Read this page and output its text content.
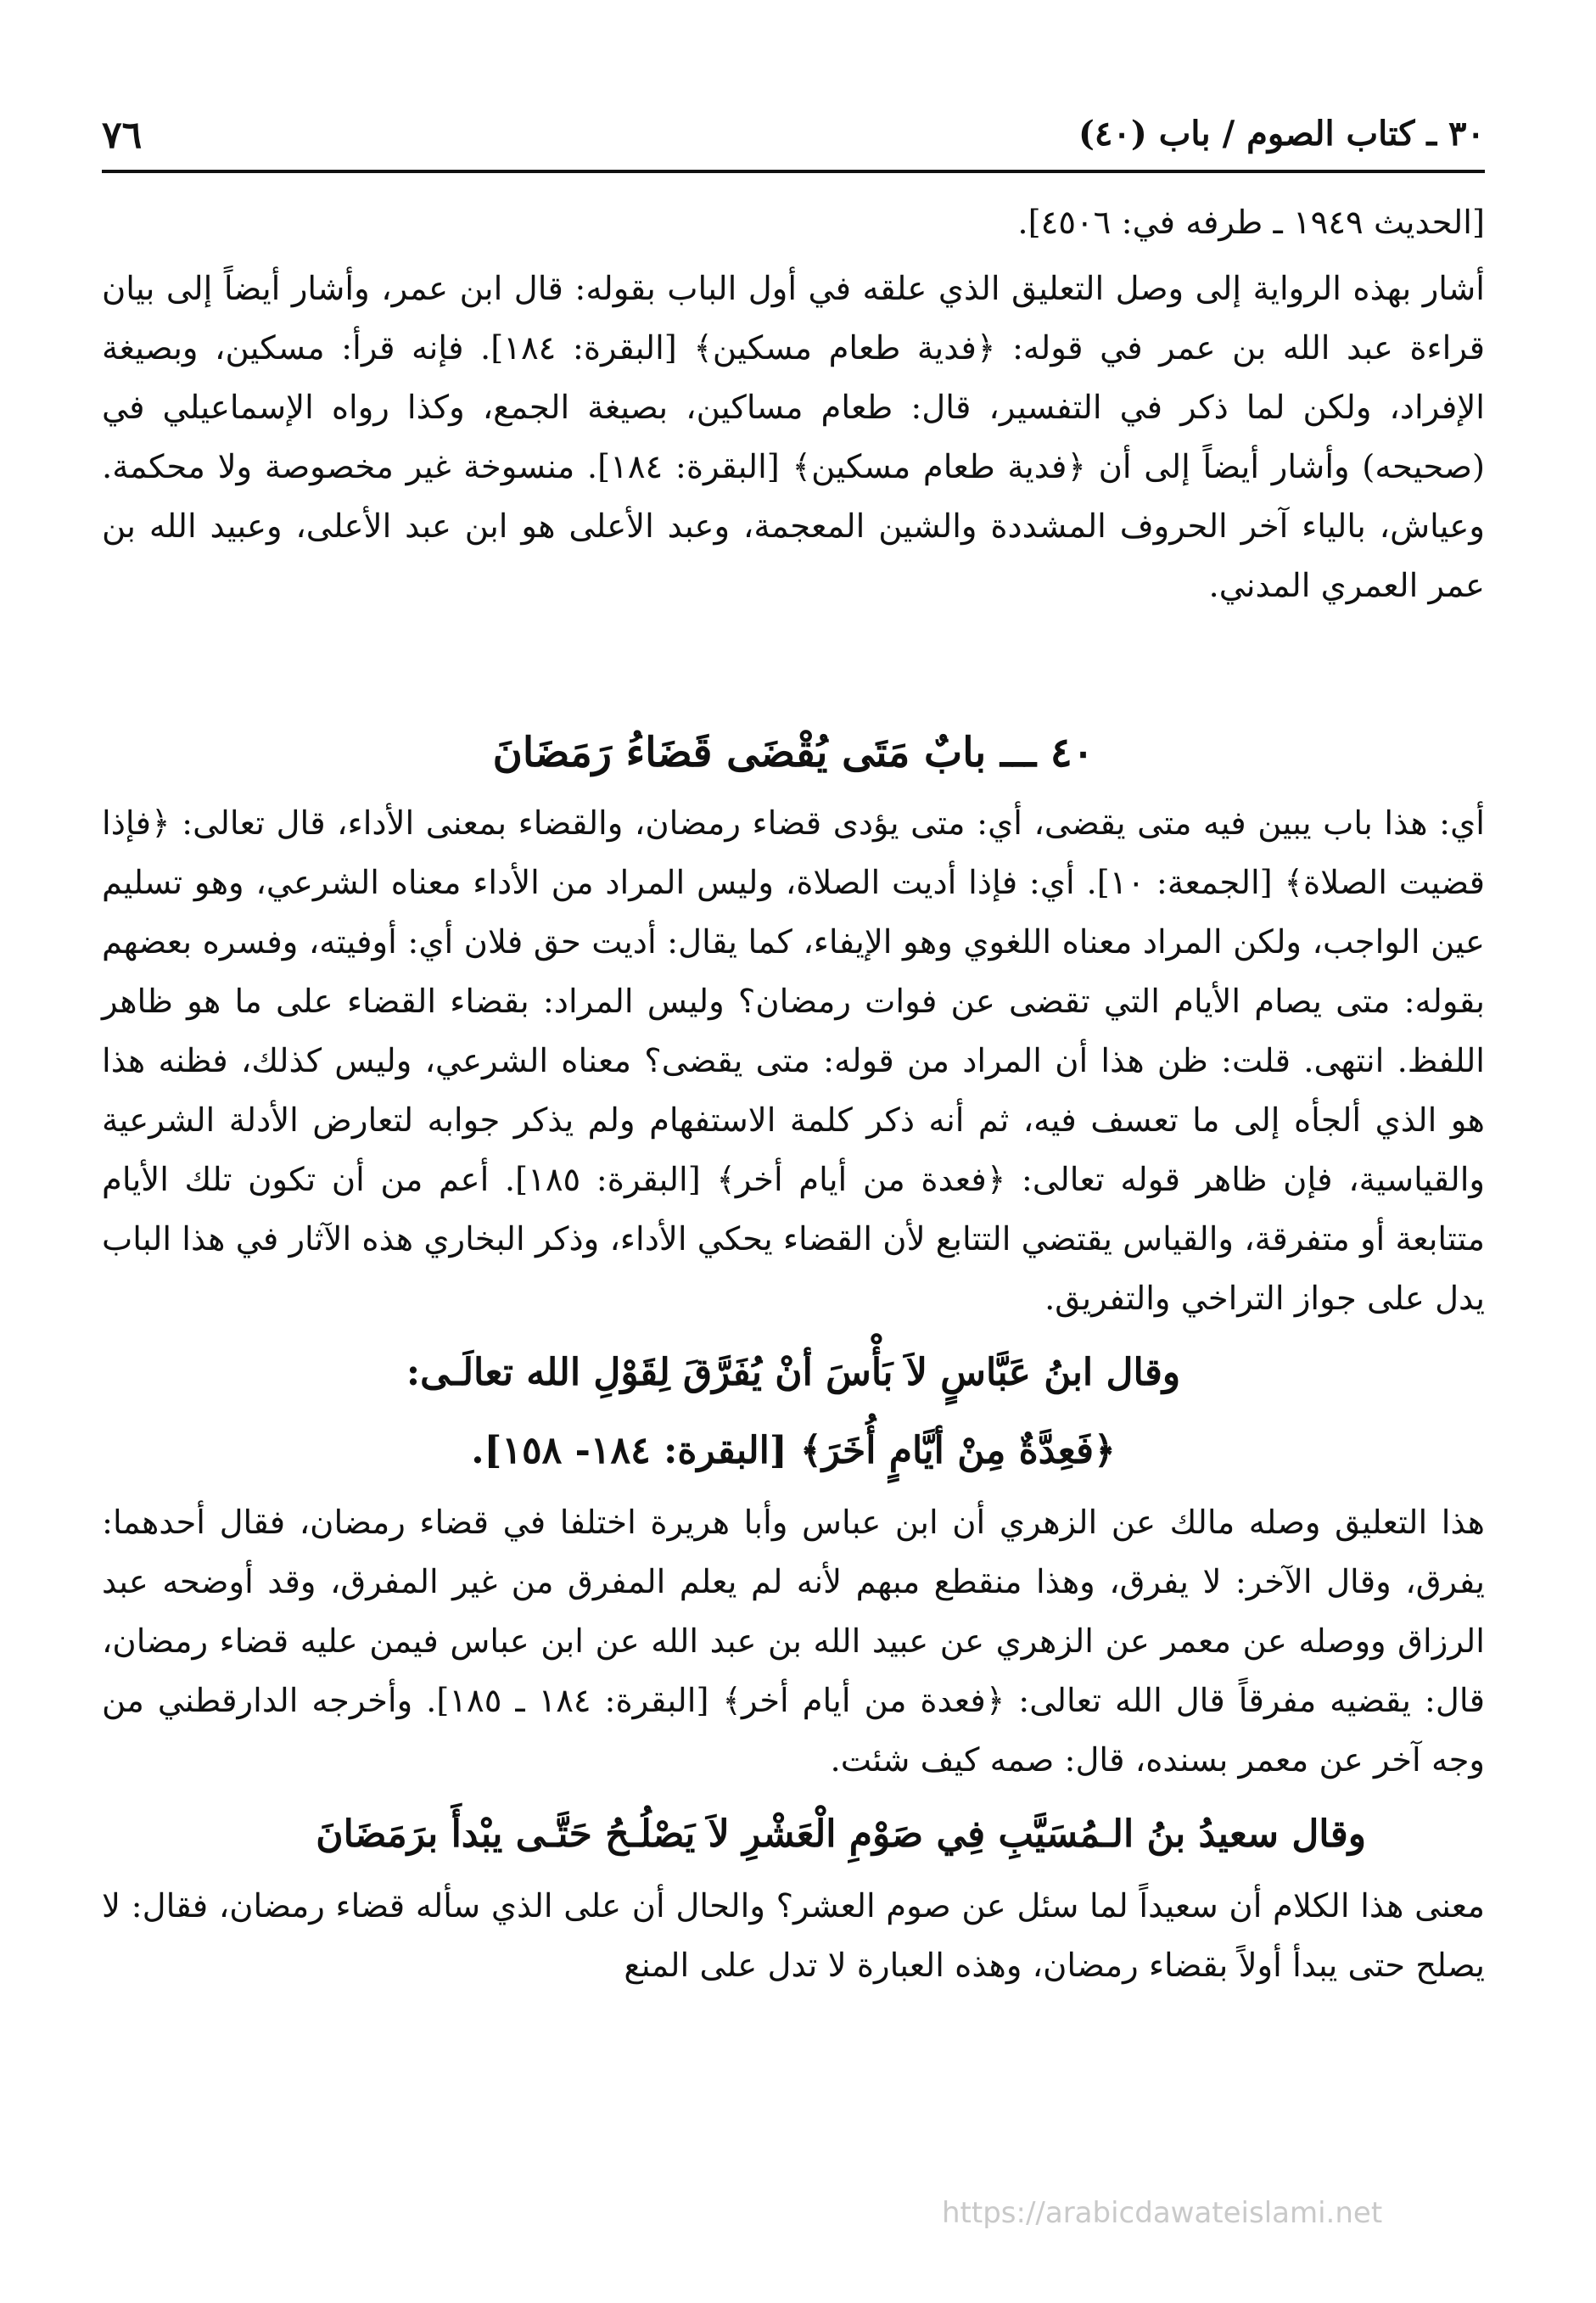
٣٠ ـ كتاب الصوم / باب (٤٠)
٧٦

[الحديث ١٩٤٩ ـ طرفه في: ٤٥٠٦].

أشار بهذه الرواية إلى وصل التعليق الذي علقه في أول الباب بقوله: قال ابن عمر، وأشار أيضاً إلى بيان قراءة عبد الله بن عمر في قوله: ﴿فدية طعام مسكين﴾ [البقرة: ١٨٤]. فإنه قرأ: مسكين، وبصيغة الإفراد، ولكن لما ذكر في التفسير، قال: طعام مساكين، بصيغة الجمع، وكذا رواه الإسماعيلي في (صحيحه) وأشار أيضاً إلى أن ﴿فدية طعام مسكين﴾ [البقرة: ١٨٤]. منسوخة غير مخصوصة ولا محكمة. وعياش، بالياء آخر الحروف المشددة والشين المعجمة، وعبد الأعلى هو ابن عبد الأعلى، وعبيد الله بن عمر العمري المدني.

٤٠ ـــ بابٌ مَتَى يُقْضَى قَضَاءُ رَمَضَانَ

أي: هذا باب يبين فيه متى يقضى، أي: متى يؤدى قضاء رمضان، والقضاء بمعنى الأداء، قال تعالى: ﴿فإذا قضيت الصلاة﴾ [الجمعة: ١٠]. أي: فإذا أديت الصلاة، وليس المراد من الأداء معناه الشرعي، وهو تسليم عين الواجب، ولكن المراد معناه اللغوي وهو الإيفاء، كما يقال: أديت حق فلان أي: أوفيته، وفسره بعضهم بقوله: متى يصام الأيام التي تقضى عن فوات رمضان؟ وليس المراد: بقضاء القضاء على ما هو ظاهر اللفظ. انتهى. قلت: ظن هذا أن المراد من قوله: متى يقضى؟ معناه الشرعي، وليس كذلك، فظنه هذا هو الذي ألجأه إلى ما تعسف فيه، ثم أنه ذكر كلمة الاستفهام ولم يذكر جوابه لتعارض الأدلة الشرعية والقياسية، فإن ظاهر قوله تعالى: ﴿فعدة من أيام أخر﴾ [البقرة: ١٨٥]. أعم من أن تكون تلك الأيام متتابعة أو متفرقة، والقياس يقتضي التتابع لأن القضاء يحكي الأداء، وذكر البخاري هذه الآثار في هذا الباب يدل على جواز التراخي والتفريق.

وقال ابنُ عَبَّاسٍ لاَ بَأْسَ أنْ يُفَرَّقَ لِقَوْلِ الله تعالَـى:
﴿فَعِدَّةٌ مِنْ أيَّامٍ أُخَرَ﴾ [البقرة: ١٨٤- ١٥٨].

هذا التعليق وصله مالك عن الزهري أن ابن عباس وأبا هريرة اختلفا في قضاء رمضان، فقال أحدهما: يفرق، وقال الآخر: لا يفرق، وهذا منقطع مبهم لأنه لم يعلم المفرق من غير المفرق، وقد أوضحه عبد الرزاق ووصله عن معمر عن الزهري عن عبيد الله بن عبد الله عن ابن عباس فيمن عليه قضاء رمضان، قال: يقضيه مفرقاً قال الله تعالى: ﴿فعدة من أيام أخر﴾ [البقرة: ١٨٤ ـ ١٨٥]. وأخرجه الدارقطني من وجه آخر عن معمر بسنده، قال: صمه كيف شئت.

وقال سعيدُ بنُ الـمُسَيَّبِ فِي صَوْمِ الْعَشْرِ لاَ يَصْلُـحُ حَتَّـى يبْدأَ برَمَضَانَ

معنى هذا الكلام أن سعيداً لما سئل عن صوم العشر؟ والحال أن على الذي سأله قضاء رمضان، فقال: لا يصلح حتى يبدأ أولاً بقضاء رمضان، وهذه العبارة لا تدل على المنع

https://arabicdawateislami.net
